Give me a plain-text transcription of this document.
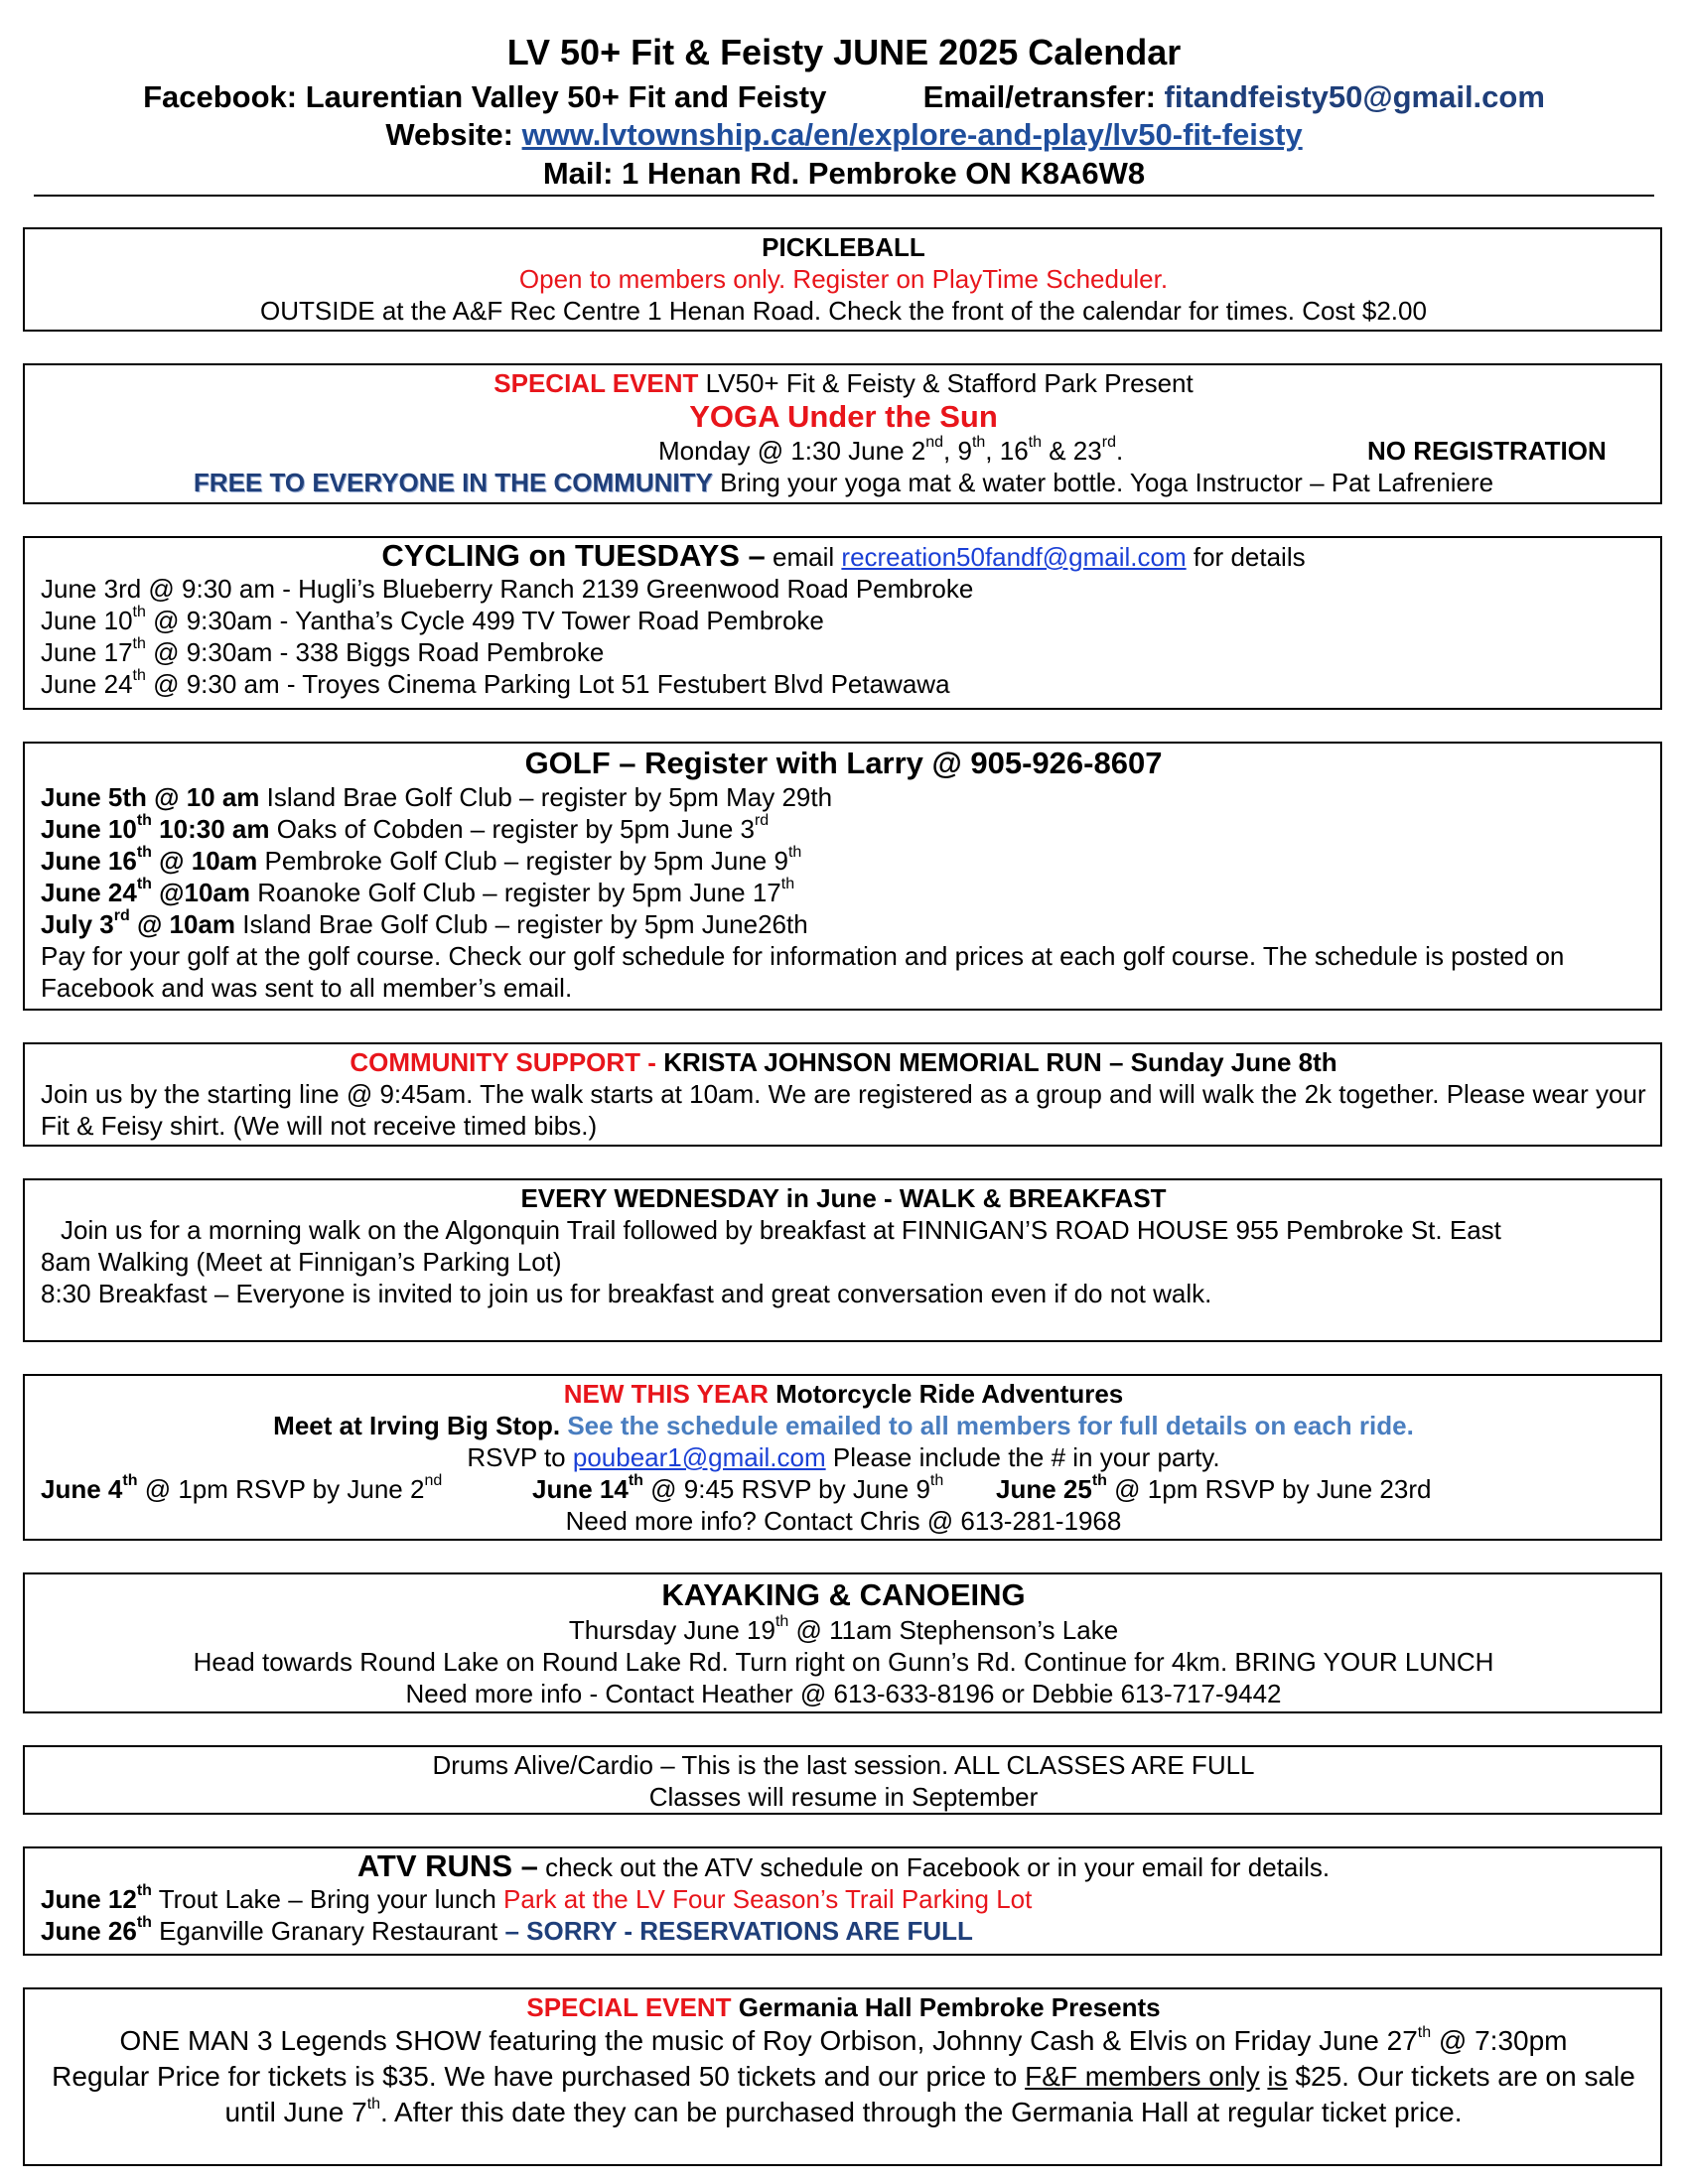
LV 50+ Fit & Feisty JUNE 2025 Calendar
Facebook: Laurentian Valley 50+ Fit and Feisty	Email/etransfer: fitandfeisty50@gmail.com
Website: www.lvtownship.ca/en/explore-and-play/lv50-fit-feisty
Mail: 1 Henan Rd. Pembroke ON K8A6W8
PICKLEBALL
Open to members only. Register on PlayTime Scheduler.
OUTSIDE at the A&F Rec Centre 1 Henan Road. Check the front of the calendar for times. Cost $2.00
SPECIAL EVENT LV50+ Fit & Feisty & Stafford Park Present
YOGA Under the Sun
Monday @ 1:30 June 2nd, 9th, 16th & 23rd.	NO REGISTRATION
FREE TO EVERYONE IN THE COMMUNITY Bring your yoga mat & water bottle. Yoga Instructor – Pat Lafreniere
CYCLING on TUESDAYS – email recreation50fandf@gmail.com for details
June 3rd @ 9:30 am - Hugli’s Blueberry Ranch 2139 Greenwood Road Pembroke
June 10th @ 9:30am - Yantha’s Cycle 499 TV Tower Road Pembroke
June 17th @ 9:30am - 338 Biggs Road Pembroke
June 24th @ 9:30 am - Troyes Cinema Parking Lot 51 Festubert Blvd Petawawa
GOLF – Register with Larry @ 905-926-8607
June 5th @ 10 am Island Brae Golf Club – register by 5pm May 29th
June 10th 10:30 am Oaks of Cobden – register by 5pm June 3rd
June 16th @ 10am Pembroke Golf Club – register by 5pm June 9th
June 24th @10am Roanoke Golf Club – register by 5pm June 17th
July 3rd @ 10am Island Brae Golf Club – register by 5pm June26th
Pay for your golf at the golf course. Check our golf schedule for information and prices at each golf course. The schedule is posted on Facebook and was sent to all member’s email.
COMMUNITY SUPPORT - KRISTA JOHNSON MEMORIAL RUN – Sunday June 8th
Join us by the starting line @ 9:45am. The walk starts at 10am. We are registered as a group and will walk the 2k together. Please wear your Fit & Feisy shirt. (We will not receive timed bibs.)
EVERY WEDNESDAY in June - WALK & BREAKFAST
Join us for a morning walk on the Algonquin Trail followed by breakfast at FINNIGAN’S ROAD HOUSE 955 Pembroke St. East
8am Walking (Meet at Finnigan’s Parking Lot)
8:30 Breakfast – Everyone is invited to join us for breakfast and great conversation even if do not walk.
NEW THIS YEAR Motorcycle Ride Adventures
Meet at Irving Big Stop. See the schedule emailed to all members for full details on each ride.
RSVP to poubear1@gmail.com Please include the # in your party.
June 4th @ 1pm RSVP by June 2nd	June 14th @ 9:45 RSVP by June 9th June 25th @ 1pm RSVP by June 23rd
Need more info? Contact Chris @ 613-281-1968
KAYAKING & CANOEING
Thursday June 19th @ 11am Stephenson’s Lake
Head towards Round Lake on Round Lake Rd. Turn right on Gunn’s Rd. Continue for 4km. BRING YOUR LUNCH
Need more info - Contact Heather @ 613-633-8196 or Debbie 613-717-9442
Drums Alive/Cardio – This is the last session. ALL CLASSES ARE FULL
Classes will resume in September
ATV RUNS – check out the ATV schedule on Facebook or in your email for details.
June 12th Trout Lake – Bring your lunch Park at the LV Four Season’s Trail Parking Lot
June 26th Eganville Granary Restaurant – SORRY - RESERVATIONS ARE FULL
SPECIAL EVENT Germania Hall Pembroke Presents
ONE MAN 3 Legends SHOW featuring the music of Roy Orbison, Johnny Cash & Elvis on Friday June 27th @ 7:30pm
Regular Price for tickets is $35. We have purchased 50 tickets and our price to F&F members only is $25. Our tickets are on sale
until June 7th. After this date they can be purchased through the Germania Hall at regular ticket price.
